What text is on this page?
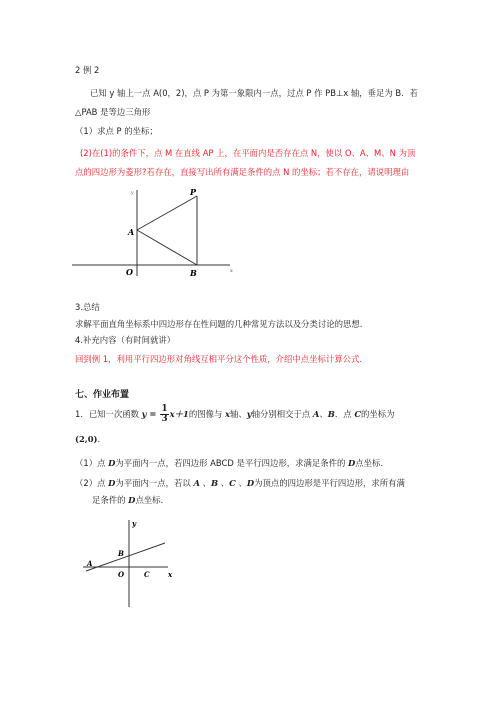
2 例 2
已知 y 轴上一点 A(0，2)，点 P 为第一象限内一点，过点 P 作 PB⊥x 轴，垂足为 B．若
△PAB 是等边三角形
（1）求点 P 的坐标；
(2)在(1)的条件下，点 M 在直线 AP 上，在平面内是否存在点 N，使以 O、A、M、N 为顶
点的四边形为菱形?若存在，直接写出所有满足条件的点 N 的坐标；若不存在，请说明理由
P
A
O	B
y
x
3.总结
求解平面直角坐标系中四边形存在性问题的几种常见方法以及分类讨论的思想.
4.补充内容（有时间就讲）
回到例 1，利用平行四边形对角线互相平分这个性质，介绍中点坐标计算公式.
七、作业布置
1．已知一次函数 $y = \frac{1}{3} x+1$的图像与 x轴、y轴分别相交于点 A、B．点 C的坐标为
(2,0).
（1）点 D为平面内一点，若四边形 ABCD 是平行四边形，求满足条件的 D点坐标.
（2）点 D为平面内一点，若以 A 、B 、C 、D为顶点的四边形是平行四边形，求所有满
足条件的 D点坐标.
y
x
A
B
O	C
